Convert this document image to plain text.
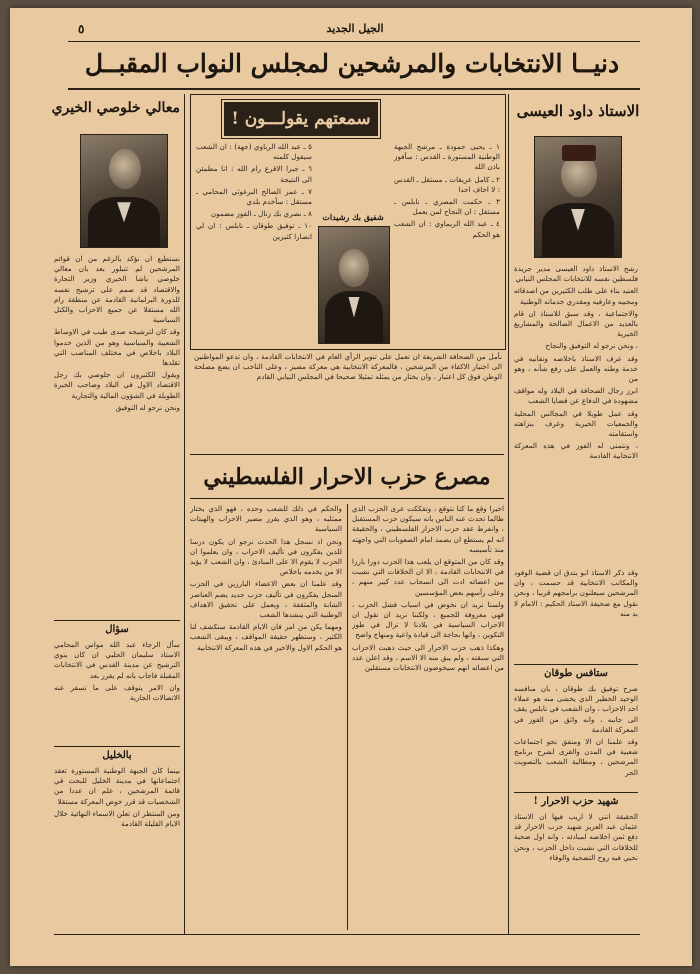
٥	الجيل الجديد
دنيــا الانتخابات والمرشحين لمجلس النواب المقبــل
الاستاذ داود العيسى

رشح الاستاذ داود العيسى مدير جريدة فلسطين نفسه للانتخابات المجلس النيابي

العتيد بناء على طلب الكثيرين من اصدقائه ومحبيه وعارفيه ومقدري خدماته الوطنية

والاجتماعية ، وقد سبق للاستاذ ان قام بالعديد من الاعمال الصالحة والمشاريع الخيرية

، ونحن نرجو له التوفيق والنجاح

وقد عرف الاستاذ باخلاصه وتفانيه في خدمة وطنه والعمل على رفع شأنه ، وهو من

ابرز رجال الصحافة في البلاد وله مواقف مشهودة في الدفاع عن قضايا الشعب

وقد عمل طويلا في المجالس المحلية والجمعيات الخيرية وعرف بنزاهته واستقامته

، ونتمنى له الفوز في هذه المعركة الانتخابية القادمة

وقد ذكر الاستاذ ابو بندق ان قضية الوفود والمكاتب الانتخابية قد حسمت ، وان المرشحين سيعلنون برامجهم قريبا ، ونحن نقول مع صحيفة الاستاذ الحكيم : الامام لا بد منه

ستافس طوقان

صرح توفيق بك طوقان ، بان منافسه الوحيد الخطير الذي يخشى منه هو عملاء احد الاحزاب ، وان الشعب في نابلس يقف الى جانبه ، وانه واثق من الفوز في المعركة القادمة

وقد علمنا ان الا ومنفق نحو اجتماعات شعبية في المدن والقرى لشرح برنامج المرشحين ، ومطالبة الشعب بالتصويت الحر

شهيد حزب الاحرار !

الحقيقة انني لا اريب فيها ان الاستاذ عثمان عبد العزيز شهيد حزب الاحرار قد دفع ثمن اخلاصه لمبادئه ، وانه اول ضحية للخلافات التي نشبت داخل الحزب ، ونحن نحيي فيه روح التضحية والوفاء

معالي خلوصي الخيري

نستطيع ان نؤكد بالرغم من ان قوائم المرشحين لم تتبلور بعد بان معالي خلوصي باشا الخيري وزير التجارة والاقتصاد قد صمم على ترشيح نفسه للدورة البرلمانية القادمة عن منطقة رام الله مستقلا عن جميع الاحزاب والكتل السياسية

وقد كان لترشيحه صدى طيب في الاوساط الشعبية والسياسية وهو من الذين خدموا البلاد باخلاص في مختلف المناصب التي تقلدها

ويقول الكثيرون ان خلوصي بك رجل الاقتصاد الاول في البلاد وصاحب الخبرة الطويلة في الشؤون المالية والتجارية

ونحن نرجو له التوفيق

سؤال

سأل الرجاء عبد الله مواس المحامي الاستاذ سليمان الحلبي ان كان ينوي الترشيح عن مدينة القدس في الانتخابات المقبلة فاجاب بانه لم يقرر بعد

وان الامر يتوقف على ما تسفر عنه الاتصالات الجارية

بالخليل

بينما كان الجبهة الوطنية المستورة تعقد اجتماعاتها في مدينة الخليل للبحث في قائمة المرشحين ، علم ان عددا من الشخصيات قد قرر خوض المعركة مستقلا

ومن المنتظر ان تعلن الاسماء النهائية خلال الايام القليلة القادمة

سمعتهم يقولـــون !

١ ـ يحيى حمودة ـ مرشح الجبهة الوطنية المستورة ـ القدس : سأفوز باذن الله

٢ ـ كامل عريقات ـ مستقل ـ القدس : لا اخاف احدا

٣ ـ حكمت المصري ـ نابلس ـ مستقل : ان النجاح لمن يعمل

٤ ـ عبد الله الريماوي : ان الشعب هو الحكم

٥ ـ عبد الله الرباوي (جهة) : ان الشعب سيقول كلمته

٦ ـ جبرا الاقرع رام الله : انا مطمئن الى النتيجة

٧ ـ عمر الصالح البرغوثي المحامي ـ مستقل : سأخدم بلدي

٨ ـ نصري بك زنال ـ الفوز مضمون

١٠ ـ توفيق طوقان ـ نابلس : ان لي انصارا كثيرين

شفيق بك رشيدات

نأمل من الصحافة الشريفة ان تعمل على تنوير الرأي العام في الانتخابات القادمة ، وان تدعو المواطنين الى اختيار الاكفاء من المرشحين ، فالمعركة الانتخابية هي معركة مصير ، وعلى الناخب ان يضع مصلحة الوطن فوق كل اعتبار ، وان يختار من يمثله تمثيلا صحيحا في المجلس النيابي القادم

مصرع حزب الاحرار الفلسطيني

اخيرا وقع ما كنا نتوقع ، وتفككت عرى الحزب الذي طالما تحدث عنه الناس بانه سيكون حزب المستقبل ، وانفرط عقد حزب الاحرار الفلسطيني ، والحقيقة انه لم يستطع ان يصمد امام الصعوبات التي واجهته منذ تأسيسه

وقد كان من المتوقع ان يلعب هذا الحزب دورا بارزا في الانتخابات القادمة ، الا ان الخلافات التي نشبت بين اعضائه ادت الى انسحاب عدد كبير منهم ، وعلى رأسهم بعض المؤسسين

ولسنا نريد ان نخوض في اسباب فشل الحزب ، فهي معروفة للجميع ، ولكننا نريد ان نقول ان الاحزاب السياسية في بلادنا لا تزال في طور التكوين ، وانها بحاجة الى قيادة واعية ومنهاج واضح

وهكذا ذهب حزب الاحرار الى حيث ذهبت الاحزاب التي سبقته ، ولم يبق منه الا الاسم ، وقد اعلن عدد من اعضائه انهم سيخوضون الانتخابات مستقلين

والحكم في ذلك للشعب وحده ، فهو الذي يختار ممثليه ، وهو الذي يقرر مصير الاحزاب والهيئات السياسية

ونحن اذ نسجل هذا الحدث نرجو ان يكون درسا للذين يفكرون في تأليف الاحزاب ، وان يعلموا ان الحزب لا يقوم الا على المبادئ ، وان الشعب لا يؤيد الا من يخدمه باخلاص

وقد علمنا ان بعض الاعضاء البارزين في الحزب المنحل يفكرون في تأليف حزب جديد يضم العناصر الشابة والمثقفة ، ويعمل على تحقيق الاهداف الوطنية التي ينشدها الشعب

ومهما يكن من امر فان الايام القادمة ستكشف لنا الكثير ، وستظهر حقيقة المواقف ، ويبقى الشعب هو الحكم الاول والاخير في هذه المعركة الانتخابية
